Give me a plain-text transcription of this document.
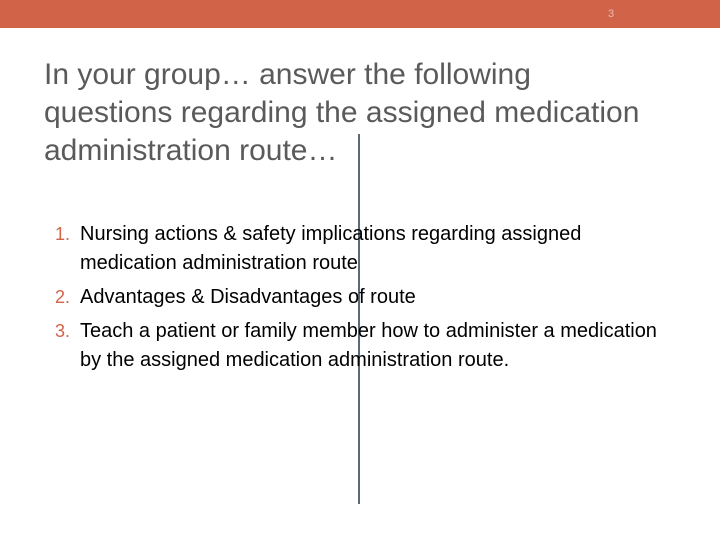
3
In your group… answer the following questions regarding the assigned medication administration route…
1. Nursing actions & safety implications regarding assigned medication administration route
2. Advantages & Disadvantages of route
3. Teach a patient or family member how to administer a medication by the assigned medication administration route.
